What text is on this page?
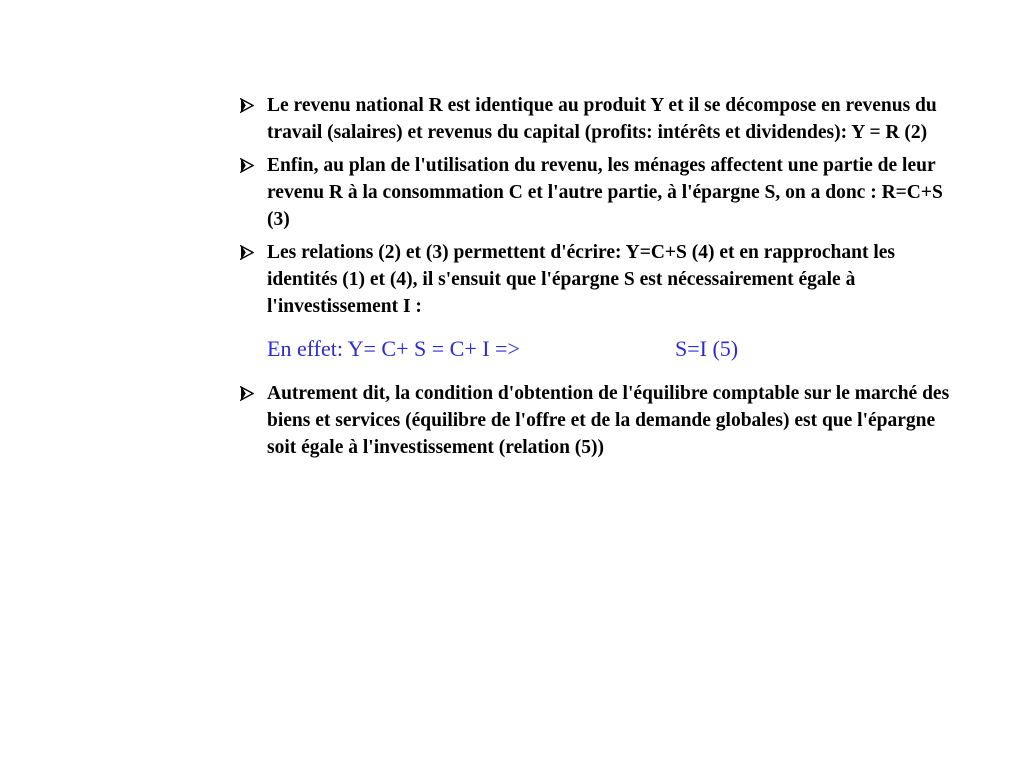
Le revenu national R est identique au produit Y et il se décompose en revenus du travail (salaires) et revenus du capital (profits: intérêts et dividendes): Y = R (2)
Enfin, au plan de l'utilisation du revenu, les ménages affectent une partie de leur revenu R à la consommation C et l'autre partie, à l'épargne S, on a donc : R=C+S (3)
Les relations (2) et (3) permettent d'écrire: Y=C+S (4) et en rapprochant les identités (1) et (4), il s'ensuit que l'épargne S est nécessairement égale à l'investissement I :
En effet: Y= C+ S = C+ I =>	S=I (5)
Autrement dit, la condition d'obtention de l'équilibre comptable sur le marché des biens et services (équilibre de l'offre et de la demande globales) est que l'épargne soit égale à l'investissement (relation (5))
